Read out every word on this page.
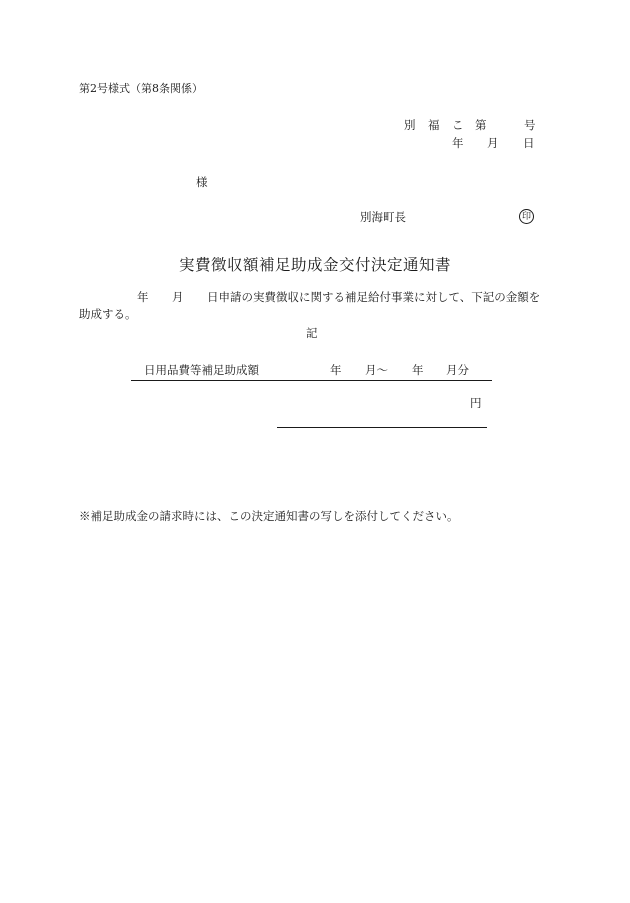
第2号様式（第8条関係）
別 福 こ 第	号
年 月 日
様
別海町長	印
実費徴収額補足助成金交付決定通知書
年 月 日申請の実費徴収に関する補足給付事業に対して、下記の金額を
助成する。
記
日用品費等補足助成額	年 月～ 年 月分
円
※補足助成金の請求時には、この決定通知書の写しを添付してください。
